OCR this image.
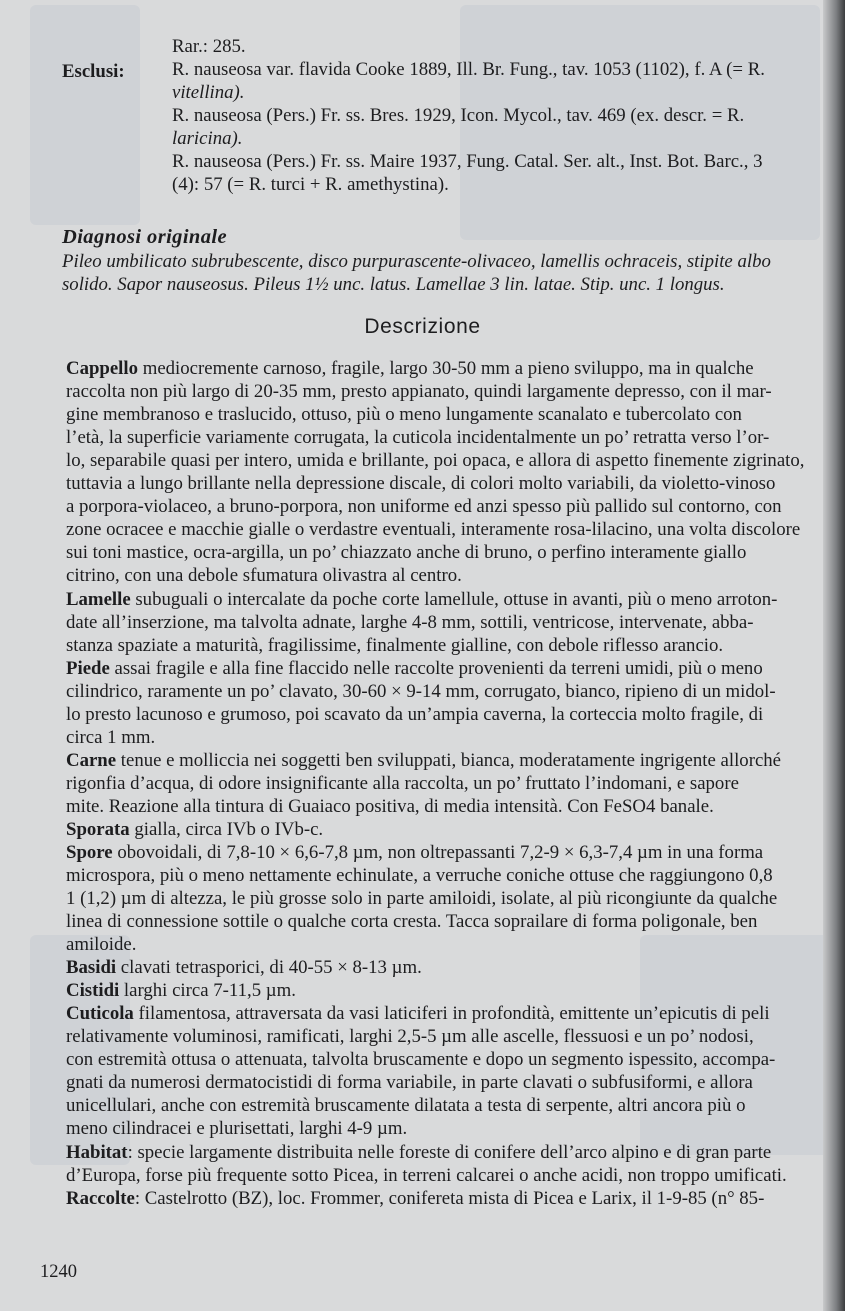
Rar.: 285.
Esclusi:	R. nauseosa var. flavida Cooke 1889, Ill. Br. Fung., tav. 1053 (1102), f. A (= R.
vitellina).
R. nauseosa (Pers.) Fr. ss. Bres. 1929, Icon. Mycol., tav. 469 (ex. descr. = R.
laricina).
R. nauseosa (Pers.) Fr. ss. Maire 1937, Fung. Catal. Ser. alt., Inst. Bot. Barc., 3
(4): 57 (= R. turci + R. amethystina).
Diagnosi originale
Pileo umbilicato subrubescente, disco purpurascente-olivaceo, lamellis ochraceis, stipite albo
solido. Sapor nauseosus. Pileus 1½ unc. latus. Lamellae 3 lin. latae. Stip. unc. 1 longus.
Descrizione
Cappello mediocremente carnoso, fragile, largo 30-50 mm a pieno sviluppo, ma in qualche
raccolta non più largo di 20-35 mm, presto appianato, quindi largamente depresso, con il mar-
gine membranoso e traslucido, ottuso, più o meno lungamente scanalato e tubercolato con
l’età, la superficie variamente corrugata, la cuticola incidentalmente un po’ retratta verso l’or-
lo, separabile quasi per intero, umida e brillante, poi opaca, e allora di aspetto finemente zigrinato,
tuttavia a lungo brillante nella depressione discale, di colori molto variabili, da violetto-vinoso
a porpora-violaceo, a bruno-porpora, non uniforme ed anzi spesso più pallido sul contorno, con
zone ocracee e macchie gialle o verdastre eventuali, interamente rosa-lilacino, una volta discolore
sui toni mastice, ocra-argilla, un po’ chiazzato anche di bruno, o perfino interamente giallo
citrino, con una debole sfumatura olivastra al centro.
Lamelle subuguali o intercalate da poche corte lamellule, ottuse in avanti, più o meno arroton-
date all’inserzione, ma talvolta adnate, larghe 4-8 mm, sottili, ventricose, intervenate, abba-
stanza spaziate a maturità, fragilissime, finalmente gialline, con debole riflesso arancio.
Piede assai fragile e alla fine flaccido nelle raccolte provenienti da terreni umidi, più o meno
cilindrico, raramente un po’ clavato, 30-60 × 9-14 mm, corrugato, bianco, ripieno di un midol-
lo presto lacunoso e grumoso, poi scavato da un’ampia caverna, la corteccia molto fragile, di
circa 1 mm.
Carne tenue e molliccia nei soggetti ben sviluppati, bianca, moderatamente ingrigente allorché
rigonfia d’acqua, di odore insignificante alla raccolta, un po’ fruttato l’indomani, e sapore
mite. Reazione alla tintura di Guaiaco positiva, di media intensità. Con FeSO4 banale.
Sporata gialla, circa IVb o IVb-c.
Spore obovoidali, di 7,8-10 × 6,6-7,8 µm, non oltrepassanti 7,2-9 × 6,3-7,4 µm in una forma
microspora, più o meno nettamente echinulate, a verruche coniche ottuse che raggiungono 0,8
1 (1,2) µm di altezza, le più grosse solo in parte amiloidi, isolate, al più ricongiunte da qualche
linea di connessione sottile o qualche corta cresta. Tacca soprailare di forma poligonale, ben
amiloide.
Basidi clavati tetrasporici, di 40-55 × 8-13 µm.
Cistidi larghi circa 7-11,5 µm.
Cuticola filamentosa, attraversata da vasi laticiferi in profondità, emittente un’epicutis di peli
relativamente voluminosi, ramificati, larghi 2,5-5 µm alle ascelle, flessuosi e un po’ nodosi,
con estremità ottusa o attenuata, talvolta bruscamente e dopo un segmento ispessito, accompa-
gnati da numerosi dermatocistidi di forma variabile, in parte clavati o subfusiformi, e allora
unicellulari, anche con estremità bruscamente dilatata a testa di serpente, altri ancora più o
meno cilindracei e plurisettati, larghi 4-9 µm.
Habitat: specie largamente distribuita nelle foreste di conifere dell’arco alpino e di gran parte
d’Europa, forse più frequente sotto Picea, in terreni calcarei o anche acidi, non troppo umificati.
Raccolte: Castelrotto (BZ), loc. Frommer, conifereta mista di Picea e Larix, il 1-9-85 (n° 85-
1240
